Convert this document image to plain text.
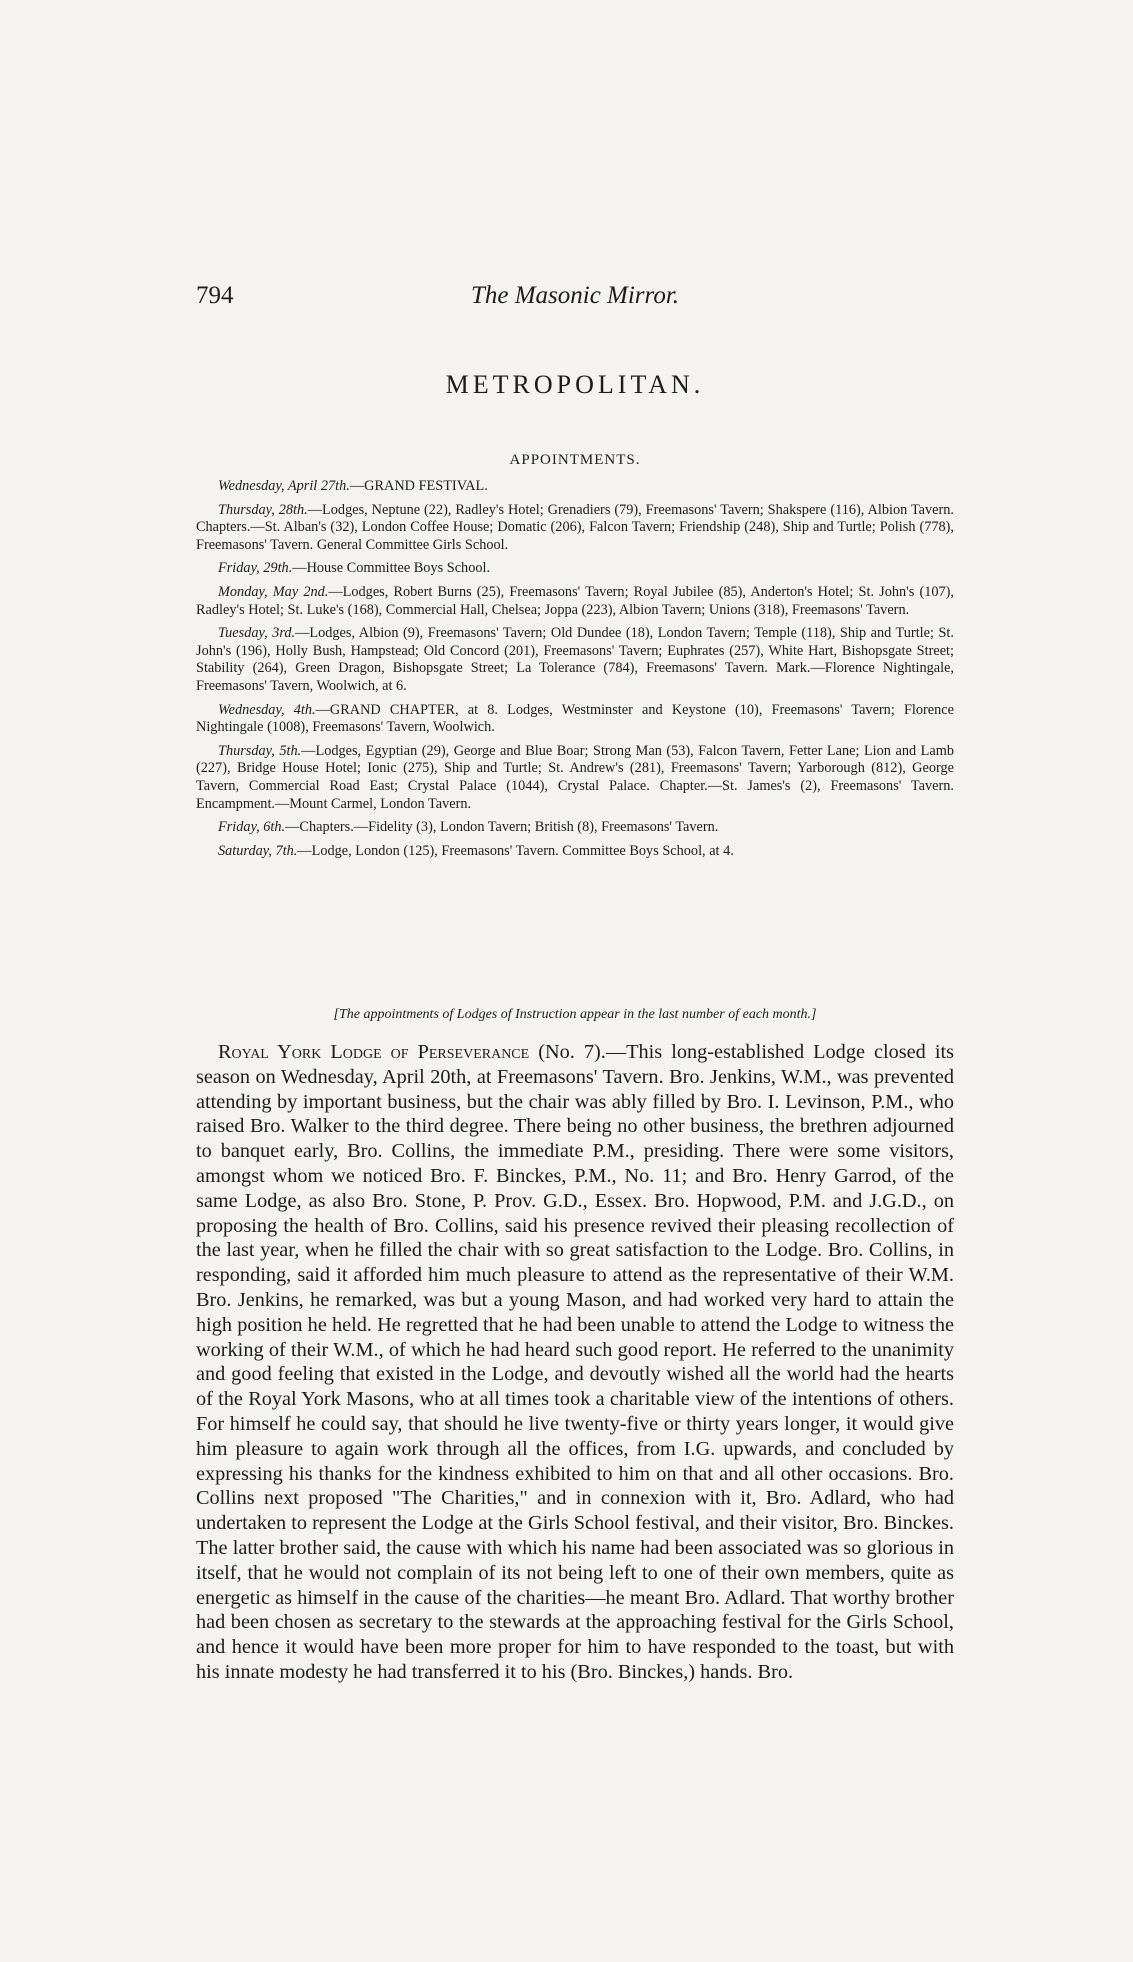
794	The Masonic Mirror.
METROPOLITAN.
APPOINTMENTS.

Wednesday, April 27th.—GRAND FESTIVAL.

Thursday, 28th.—Lodges, Neptune (22), Radley's Hotel; Grenadiers (79), Freemasons' Tavern; Shakspere (116), Albion Tavern. Chapters.—St. Alban's (32), London Coffee House; Domatic (206), Falcon Tavern; Friendship (248), Ship and Turtle; Polish (778), Freemasons' Tavern. General Committee Girls School.

Friday, 29th.—House Committee Boys School.

Monday, May 2nd.—Lodges, Robert Burns (25), Freemasons' Tavern; Royal Jubilee (85), Anderton's Hotel; St. John's (107), Radley's Hotel; St. Luke's (168), Commercial Hall, Chelsea; Joppa (223), Albion Tavern; Unions (318), Freemasons' Tavern.

Tuesday, 3rd.—Lodges, Albion (9), Freemasons' Tavern; Old Dundee (18), London Tavern; Temple (118), Ship and Turtle; St. John's (196), Holly Bush, Hampstead; Old Concord (201), Freemasons' Tavern; Euphrates (257), White Hart, Bishopsgate Street; Stability (264), Green Dragon, Bishopsgate Street; La Tolerance (784), Freemasons' Tavern. Mark.—Florence Nightingale, Freemasons' Tavern, Woolwich, at 6.

Wednesday, 4th.—GRAND CHAPTER, at 8. Lodges, Westminster and Keystone (10), Freemasons' Tavern; Florence Nightingale (1008), Freemasons' Tavern, Woolwich.

Thursday, 5th.—Lodges, Egyptian (29), George and Blue Boar; Strong Man (53), Falcon Tavern, Fetter Lane; Lion and Lamb (227), Bridge House Hotel; Ionic (275), Ship and Turtle; St. Andrew's (281), Freemasons' Tavern; Yarborough (812), George Tavern, Commercial Road East; Crystal Palace (1044), Crystal Palace. Chapter.—St. James's (2), Freemasons' Tavern. Encampment.—Mount Carmel, London Tavern.

Friday, 6th.—Chapters.—Fidelity (3), London Tavern; British (8), Freemasons' Tavern.

Saturday, 7th.—Lodge, London (125), Freemasons' Tavern. Committee Boys School, at 4.

[The appointments of Lodges of Instruction appear in the last number of each month.]

Royal York Lodge of Perseverance (No. 7).—This long-established Lodge closed its season on Wednesday, April 20th, at Freemasons' Tavern. Bro. Jenkins, W.M., was prevented attending by important business, but the chair was ably filled by Bro. I. Levinson, P.M., who raised Bro. Walker to the third degree. There being no other business, the brethren adjourned to banquet early, Bro. Collins, the immediate P.M., presiding. There were some visitors, amongst whom we noticed Bro. F. Binckes, P.M., No. 11; and Bro. Henry Garrod, of the same Lodge, as also Bro. Stone, P. Prov. G.D., Essex. Bro. Hopwood, P.M. and J.G.D., on proposing the health of Bro. Collins, said his presence revived their pleasing recollection of the last year, when he filled the chair with so great satisfaction to the Lodge. Bro. Collins, in responding, said it afforded him much pleasure to attend as the representative of their W.M. Bro. Jenkins, he remarked, was but a young Mason, and had worked very hard to attain the high position he held. He regretted that he had been unable to attend the Lodge to witness the working of their W.M., of which he had heard such good report. He referred to the unanimity and good feeling that existed in the Lodge, and devoutly wished all the world had the hearts of the Royal York Masons, who at all times took a charitable view of the intentions of others. For himself he could say, that should he live twenty-five or thirty years longer, it would give him pleasure to again work through all the offices, from I.G. upwards, and concluded by expressing his thanks for the kindness exhibited to him on that and all other occasions. Bro. Collins next proposed "The Charities," and in connexion with it, Bro. Adlard, who had undertaken to represent the Lodge at the Girls School festival, and their visitor, Bro. Binckes. The latter brother said, the cause with which his name had been associated was so glorious in itself, that he would not complain of its not being left to one of their own members, quite as energetic as himself in the cause of the charities—he meant Bro. Adlard. That worthy brother had been chosen as secretary to the stewards at the approaching festival for the Girls School, and hence it would have been more proper for him to have responded to the toast, but with his innate modesty he had transferred it to his (Bro. Binckes,) hands. Bro.
